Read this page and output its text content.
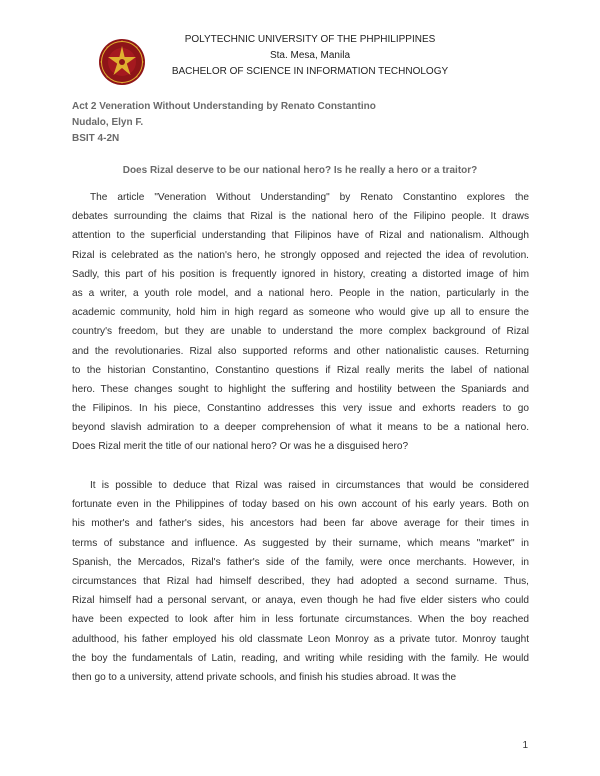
POLYTECHNIC UNIVERSITY OF THE PHPHILIPPINES
Sta. Mesa, Manila
BACHELOR OF SCIENCE IN INFORMATION TECHNOLOGY
Act 2 Veneration Without Understanding by Renato Constantino
Nudalo, Elyn F.
BSIT 4-2N
Does Rizal deserve to be our national hero? Is he really a hero or a traitor?
The article "Veneration Without Understanding" by Renato Constantino explores the
debates surrounding the claims that Rizal is the national hero of the Filipino people. It draws
attention to the superficial understanding that Filipinos have of Rizal and nationalism. Although
Rizal is celebrated as the nation's hero, he strongly opposed and rejected the idea of revolution.
Sadly, this part of his position is frequently ignored in history, creating a distorted image of him
as a writer, a youth role model, and a national hero. People in the nation, particularly in the
academic community, hold him in high regard as someone who would give up all to ensure the
country's freedom, but they are unable to understand the more complex background of Rizal
and the revolutionaries. Rizal also supported reforms and other nationalistic causes. Returning
to the historian Constantino, Constantino questions if Rizal really merits the label of national
hero. These changes sought to highlight the suffering and hostility between the Spaniards and
the Filipinos. In his piece, Constantino addresses this very issue and exhorts readers to go
beyond slavish admiration to a deeper comprehension of what it means to be a national hero.
Does Rizal merit the title of our national hero? Or was he a disguised hero?
It is possible to deduce that Rizal was raised in circumstances that would be considered
fortunate even in the Philippines of today based on his own account of his early years. Both on
his mother's and father's sides, his ancestors had been far above average for their times in
terms of substance and influence. As suggested by their surname, which means "market" in
Spanish, the Mercados, Rizal's father's side of the family, were once merchants. However, in
circumstances that Rizal had himself described, they had adopted a second surname. Thus,
Rizal himself had a personal servant, or anaya, even though he had five elder sisters who could
have been expected to look after him in less fortunate circumstances. When the boy reached
adulthood, his father employed his old classmate Leon Monroy as a private tutor. Monroy taught
the boy the fundamentals of Latin, reading, and writing while residing with the family. He would
then go to a university, attend private schools, and finish his studies abroad. It was the
1
